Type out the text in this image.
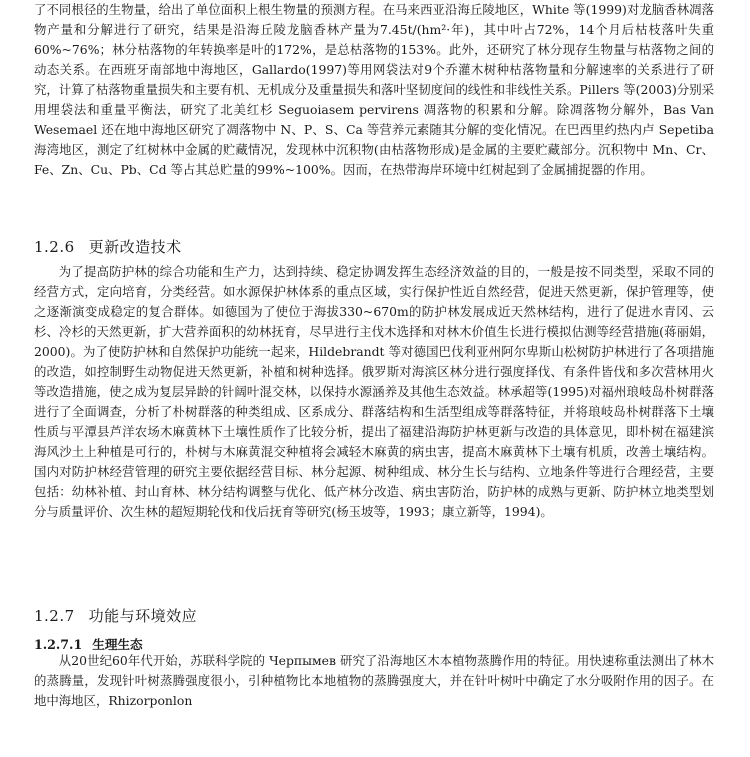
了不同根径的生物量，给出了单位面积上根生物量的预测方程。在马来西亚沿海丘陵地区，White 等(1999)对龙脑香林凋落物产量和分解进行了研究，结果是沿海丘陵龙脑香林产量为7.45t/(hm²·年)，其中叶占72%，14个月后枯枝落叶失重60%~76%；林分枯落物的年转换率是叶的172%，是总枯落物的153%。此外，还研究了林分现存生物量与枯落物之间的动态关系。在西班牙南部地中海地区，Gallardo(1997)等用网袋法对9个乔灌木树种枯落物量和分解速率的关系进行了研究，计算了枯落物重量损失和主要有机、无机成分及重量损失和落叶坚韧度间的线性和非线性关系。Pillers 等(2003)分别采用埋袋法和重量平衡法，研究了北美红杉 Seguoiasem pervirens 凋落物的积累和分解。除凋落物分解外，Bas Van Wesemael 还在地中海地区研究了凋落物中 N、P、S、Ca 等营养元素随其分解的变化情况。在巴西里约热内卢 Sepetiba 海湾地区，测定了红树林中金属的贮藏情况，发现林中沉积物(由枯落物形成)是金属的主要贮藏部分。沉积物中 Mn、Cr、Fe、Zn、Cu、Pb、Cd 等占其总贮量的99%~100%。因而，在热带海岸环境中红树起到了金属捕捉器的作用。

1.2.6 更新改造技术

为了提高防护林的综合功能和生产力，达到持续、稳定协调发挥生态经济效益的目的，一般是按不同类型，采取不同的经营方式，定向培育，分类经营。如水源保护林体系的重点区域，实行保护性近自然经营，促进天然更新，保护管理等，使之逐渐演变成稳定的复合群体。如德国为了使位于海拔330~670m的防护林发展成近天然林结构，进行了促进水青冈、云杉、冷杉的天然更新，扩大营养面积的幼林抚育，尽早进行主伐木选择和对林木价值生长进行模拟估测等经营措施(蒋丽娟，2000)。为了使防护林和自然保护功能统一起来，Hildebrandt 等对德国巴伐利亚州阿尔卑斯山松树防护林进行了各项措施的改造，如控制野生动物促进天然更新，补植和树种选择。俄罗斯对海滨区林分进行强度择伐、有条件皆伐和多次营林用火等改造措施，使之成为复层异龄的针阔叶混交林，以保持水源涵养及其他生态效益。林承超等(1995)对福州琅岐岛朴树群落进行了全面调查，分析了朴树群落的种类组成、区系成分、群落结构和生活型组成等群落特征，并将琅岐岛朴树群落下土壤性质与平潭县芦洋农场木麻黄林下土壤性质作了比较分析，提出了福建沿海防护林更新与改造的具体意见，即朴树在福建滨海风沙土上种植是可行的，朴树与木麻黄混交种植将会减轻木麻黄的病虫害，提高木麻黄林下土壤有机质，改善土壤结构。国内对防护林经营管理的研究主要依据经营目标、林分起源、树种组成、林分生长与结构、立地条件等进行合理经营，主要包括：幼林补植、封山育林、林分结构调整与优化、低产林分改造、病虫害防治，防护林的成熟与更新、防护林立地类型划分与质量评价、次生林的超短期轮伐和伐后抚育等研究(杨玉坡等，1993；康立新等，1994)。

1.2.7 功能与环境效应
1.2.7.1 生理生态

从20世纪60年代开始，苏联科学院的 Черпымев 研究了沿海地区木本植物蒸腾作用的特征。用快速称重法测出了林木的蒸腾量，发现针叶树蒸腾强度很小，引种植物比本地植物的蒸腾强度大，并在针叶树叶中确定了水分吸附作用的因子。在地中海地区，Rhizorponlon
